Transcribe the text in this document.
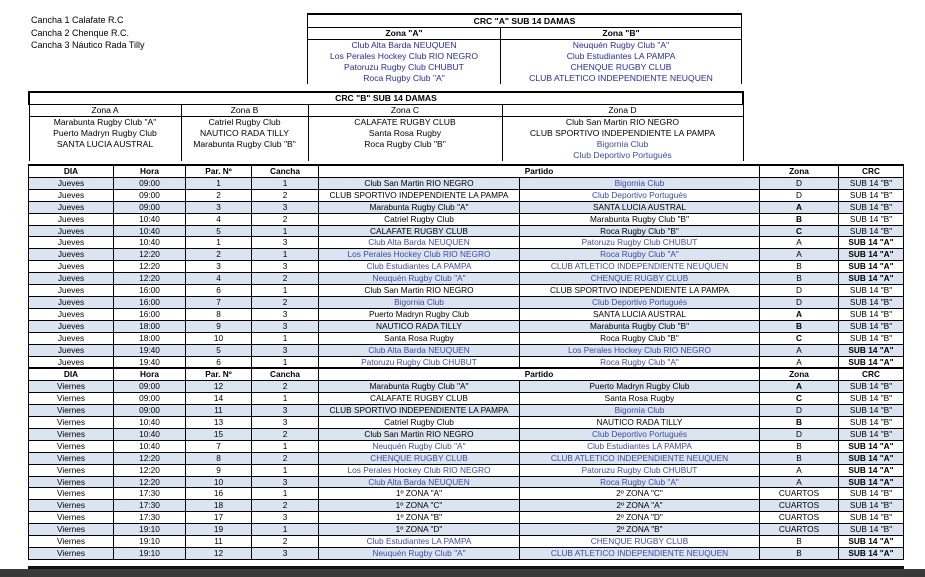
Cancha 1 Calafate R.C
Cancha 2 Chenque R.C.
Cancha 3 Náutico Rada Tilly
CRC "A" SUB 14 DAMAS	
Zona "A"	Zona "B"
Club Alta Barda NEUQUEN	Neuquén Rugby Club "A"
Los Perales Hockey Club RIO NEGRO	Club Estudiantes LA PAMPA
Patoruzu Rugby Club CHUBUT	CHENQUE RUGBY CLUB
Roca Rugby Club "A"	CLUB ATLETICO INDEPENDIENTE NEUQUEN
CRC "B" SUB 14 DAMAS			
Zona A	Zona B	Zona C	Zona D
Marabunta Rugby Club "A"	Catriel Rugby Club	CALAFATE RUGBY CLUB	Club San Martin RIO NEGRO
Puerto Madryn Rugby Club	NAUTICO RADA TILLY	Santa Rosa Rugby	CLUB SPORTIVO INDEPENDIENTE LA PAMPA
SANTA LUCIA AUSTRAL	Marabunta Rugby Club "B"	Roca Rugby Club "B"	Bigornia Club
			Club Deportivo Portugués
DIA	Hora	Par. Nº	Cancha	Partido		Zona	CRC
Jueves	09:00	1	1	Club San Martin RIO NEGRO	Bigornia Club	D	SUB 14 "B"
Jueves	09:00	2	2	CLUB SPORTIVO INDEPENDIENTE LA PAMPA	Club Deportivo Portugués	D	SUB 14 "B"
Jueves	09:00	3	3	Marabunta Rugby Club "A"	SANTA LUCIA AUSTRAL	A	SUB 14 "B"
Jueves	10:40	4	2	Catriel Rugby Club	Marabunta Rugby Club "B"	B	SUB 14 "B"
Jueves	10:40	5	1	CALAFATE RUGBY CLUB	Roca Rugby Club "B"	C	SUB 14 "B"
Jueves	10:40	1	3	Club Alta Barda NEUQUEN	Patoruzu Rugby Club CHUBUT	A	SUB 14 "A"
Jueves	12:20	2	1	Los Perales Hockey Club RIO NEGRO	Roca Rugby Club "A"	A	SUB 14 "A"
Jueves	12:20	3	3	Club Estudiantes LA PAMPA	CLUB ATLETICO INDEPENDIENTE NEUQUEN	B	SUB 14 "A"
Jueves	12:20	4	2	Neuquén Rugby Club "A"	CHENQUE RUGBY CLUB	B	SUB 14 "A"
Jueves	16:00	6	1	Club San Martin RIO NEGRO	CLUB SPORTIVO INDEPENDIENTE LA PAMPA	D	SUB 14 "B"
Jueves	16:00	7	2	Bigornia Club	Club Deportivo Portugués	D	SUB 14 "B"
Jueves	16:00	8	3	Puerto Madryn Rugby Club	SANTA LUCIA AUSTRAL	A	SUB 14 "B"
Jueves	18:00	9	3	NAUTICO RADA TILLY	Marabunta Rugby Club "B"	B	SUB 14 "B"
Jueves	18:00	10	1	Santa Rosa Rugby	Roca Rugby Club "B"	C	SUB 14 "B"
Jueves	19:40	5	3	Club Alta Barda NEUQUEN	Los Perales Hockey Club RIO NEGRO	A	SUB 14 "A"
Jueves	19:40	6	1	Patoruzu Rugby Club CHUBUT	Roca Rugby Club "A"	A	SUB 14 "A"
DIA	Hora	Par. Nº	Cancha	Partido		Zona	CRC
Viernes	09:00	12	2	Marabunta Rugby Club "A"	Puerto Madryn Rugby Club	A	SUB 14 "B"
Viernes	09:00	14	1	CALAFATE RUGBY CLUB	Santa Rosa Rugby	C	SUB 14 "B"
Viernes	09:00	11	3	CLUB SPORTIVO INDEPENDIENTE LA PAMPA	Bigornia Club	D	SUB 14 "B"
Viernes	10:40	13	3	Catriel Rugby Club	NAUTICO RADA TILLY	B	SUB 14 "B"
Viernes	10:40	15	2	Club San Martin RIO NEGRO	Club Deportivo Portugués	D	SUB 14 "B"
Viernes	10:40	7	1	Neuquén Rugby Club "A"	Club Estudiantes LA PAMPA	B	SUB 14 "A"
Viernes	12:20	8	2	CHENQUE RUGBY CLUB	CLUB ATLETICO INDEPENDIENTE NEUQUEN	B	SUB 14 "A"
Viernes	12:20	9	1	Los Perales Hockey Club RIO NEGRO	Patoruzu Rugby Club CHUBUT	A	SUB 14 "A"
Viernes	12:20	10	3	Club Alta Barda NEUQUEN	Roca Rugby Club "A"	A	SUB 14 "A"
Viernes	17:30	16	1	1º ZONA "A"	2º ZONA "C"	CUARTOS	SUB 14 "B"
Viernes	17:30	18	2	1º ZONA "C"	2º ZONA "A"	CUARTOS	SUB 14 "B"
Viernes	17:30	17	3	1º ZONA "B"	2º ZONA "D"	CUARTOS	SUB 14 "B"
Viernes	19:10	19	1	1º ZONA "D"	2º ZONA "B"	CUARTOS	SUB 14 "B"
Viernes	19:10	11	2	Club Estudiantes LA PAMPA	CHENQUE RUGBY CLUB	B	SUB 14 "A"
Viernes	19:10	12	3	Neuquén Rugby Club "A"	CLUB ATLETICO INDEPENDIENTE NEUQUEN	B	SUB 14 "A"
